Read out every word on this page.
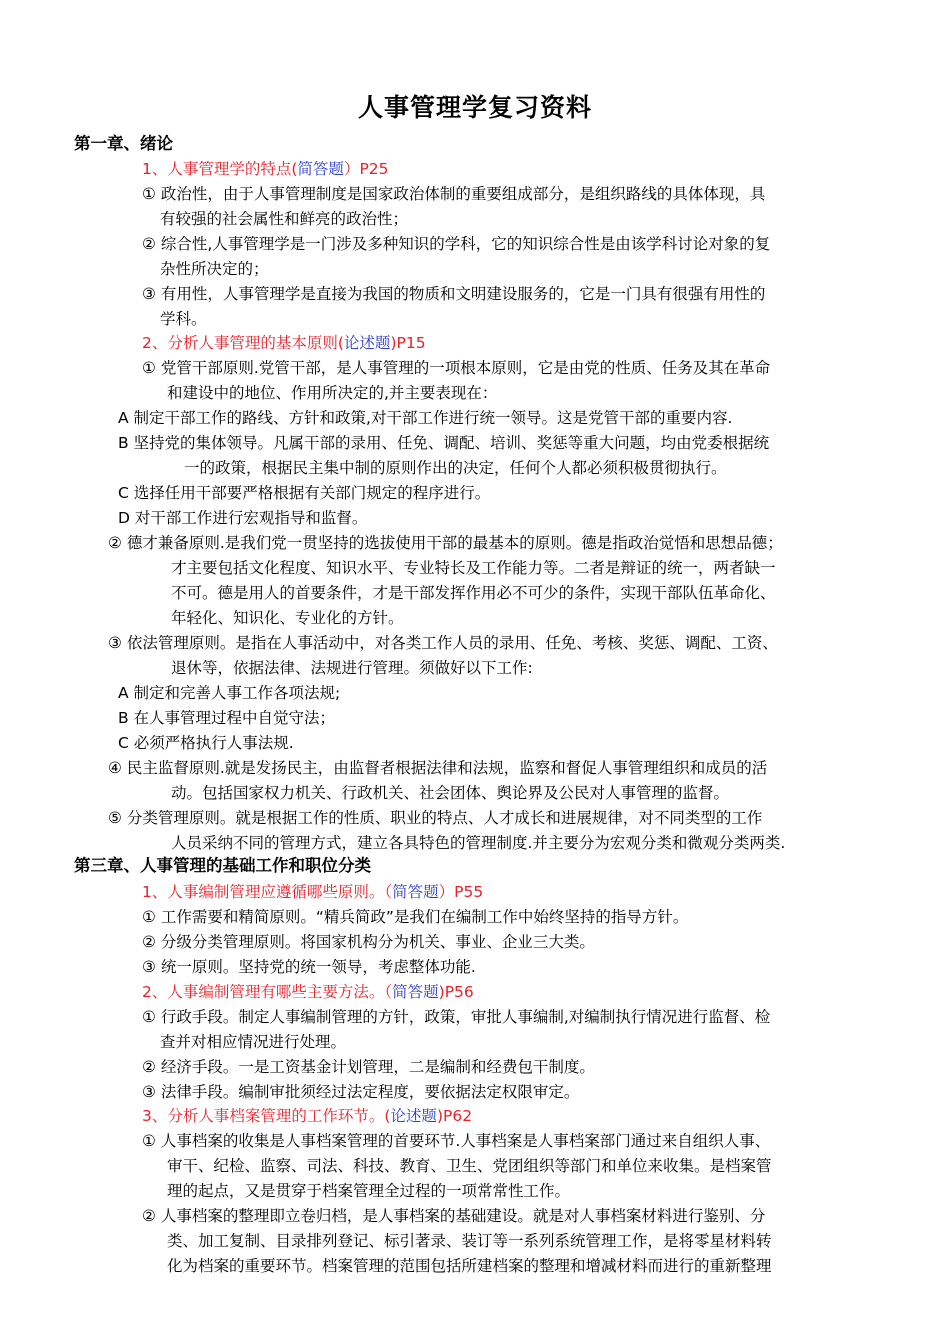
人事管理学复习资料
第一章、绪论
1、人事管理学的特点(简答题）P25
① 政治性，由于人事管理制度是国家政治体制的重要组成部分，是组织路线的具体体现，具
有较强的社会属性和鲜亮的政治性；
② 综合性,人事管理学是一门涉及多种知识的学科，它的知识综合性是由该学科讨论对象的复
杂性所决定的；
③ 有用性，人事管理学是直接为我国的物质和文明建设服务的，它是一门具有很强有用性的
学科。
2、分析人事管理的基本原则(论述题)P15
① 党管干部原则.党管干部，是人事管理的一项根本原则，它是由党的性质、任务及其在革命
和建设中的地位、作用所决定的,并主要表现在：
A 制定干部工作的路线、方针和政策,对干部工作进行统一领导。这是党管干部的重要内容.
B 坚持党的集体领导。凡属干部的录用、任免、调配、培训、奖惩等重大问题，均由党委根据统
一的政策，根据民主集中制的原则作出的决定，任何个人都必须积极贯彻执行。
C 选择任用干部要严格根据有关部门规定的程序进行。
D 对干部工作进行宏观指导和监督。
② 德才兼备原则.是我们党一贯坚持的选拔使用干部的最基本的原则。德是指政治觉悟和思想品德；
才主要包括文化程度、知识水平、专业特长及工作能力等。二者是辩证的统一，两者缺一
不可。德是用人的首要条件，才是干部发挥作用必不可少的条件，实现干部队伍革命化、
年轻化、知识化、专业化的方针。
③ 依法管理原则。是指在人事活动中，对各类工作人员的录用、任免、考核、奖惩、调配、工资、
退休等，依据法律、法规进行管理。须做好以下工作:
A 制定和完善人事工作各项法规;
B 在人事管理过程中自觉守法；
C 必须严格执行人事法规.
④ 民主监督原则.就是发扬民主，由监督者根据法律和法规，监察和督促人事管理组织和成员的活
动。包括国家权力机关、行政机关、社会团体、舆论界及公民对人事管理的监督。
⑤ 分类管理原则。就是根据工作的性质、职业的特点、人才成长和进展规律，对不同类型的工作
人员采纳不同的管理方式，建立各具特色的管理制度.并主要分为宏观分类和微观分类两类.
第三章、人事管理的基础工作和职位分类
1、人事编制管理应遵循哪些原则。（简答题）P55
① 工作需要和精简原则。“精兵简政”是我们在编制工作中始终坚持的指导方针。
② 分级分类管理原则。将国家机构分为机关、事业、企业三大类。
③ 统一原则。坚持党的统一领导，考虑整体功能.
2、人事编制管理有哪些主要方法。（简答题)P56
① 行政手段。制定人事编制管理的方针，政策，审批人事编制,对编制执行情况进行监督、检
查并对相应情况进行处理。
② 经济手段。一是工资基金计划管理，二是编制和经费包干制度。
③ 法律手段。编制审批须经过法定程度，要依据法定权限审定。
3、分析人事档案管理的工作环节。(论述题)P62
① 人事档案的收集是人事档案管理的首要环节.人事档案是人事档案部门通过来自组织人事、
审干、纪检、监察、司法、科技、教育、卫生、党团组织等部门和单位来收集。是档案管
理的起点，又是贯穿于档案管理全过程的一项常常性工作。
② 人事档案的整理即立卷归档，是人事档案的基础建设。就是对人事档案材料进行鉴别、分
类、加工复制、目录排列登记、标引著录、装订等一系列系统管理工作，是将零星材料转
化为档案的重要环节。档案管理的范围包括所建档案的整理和增减材料而进行的重新整理
